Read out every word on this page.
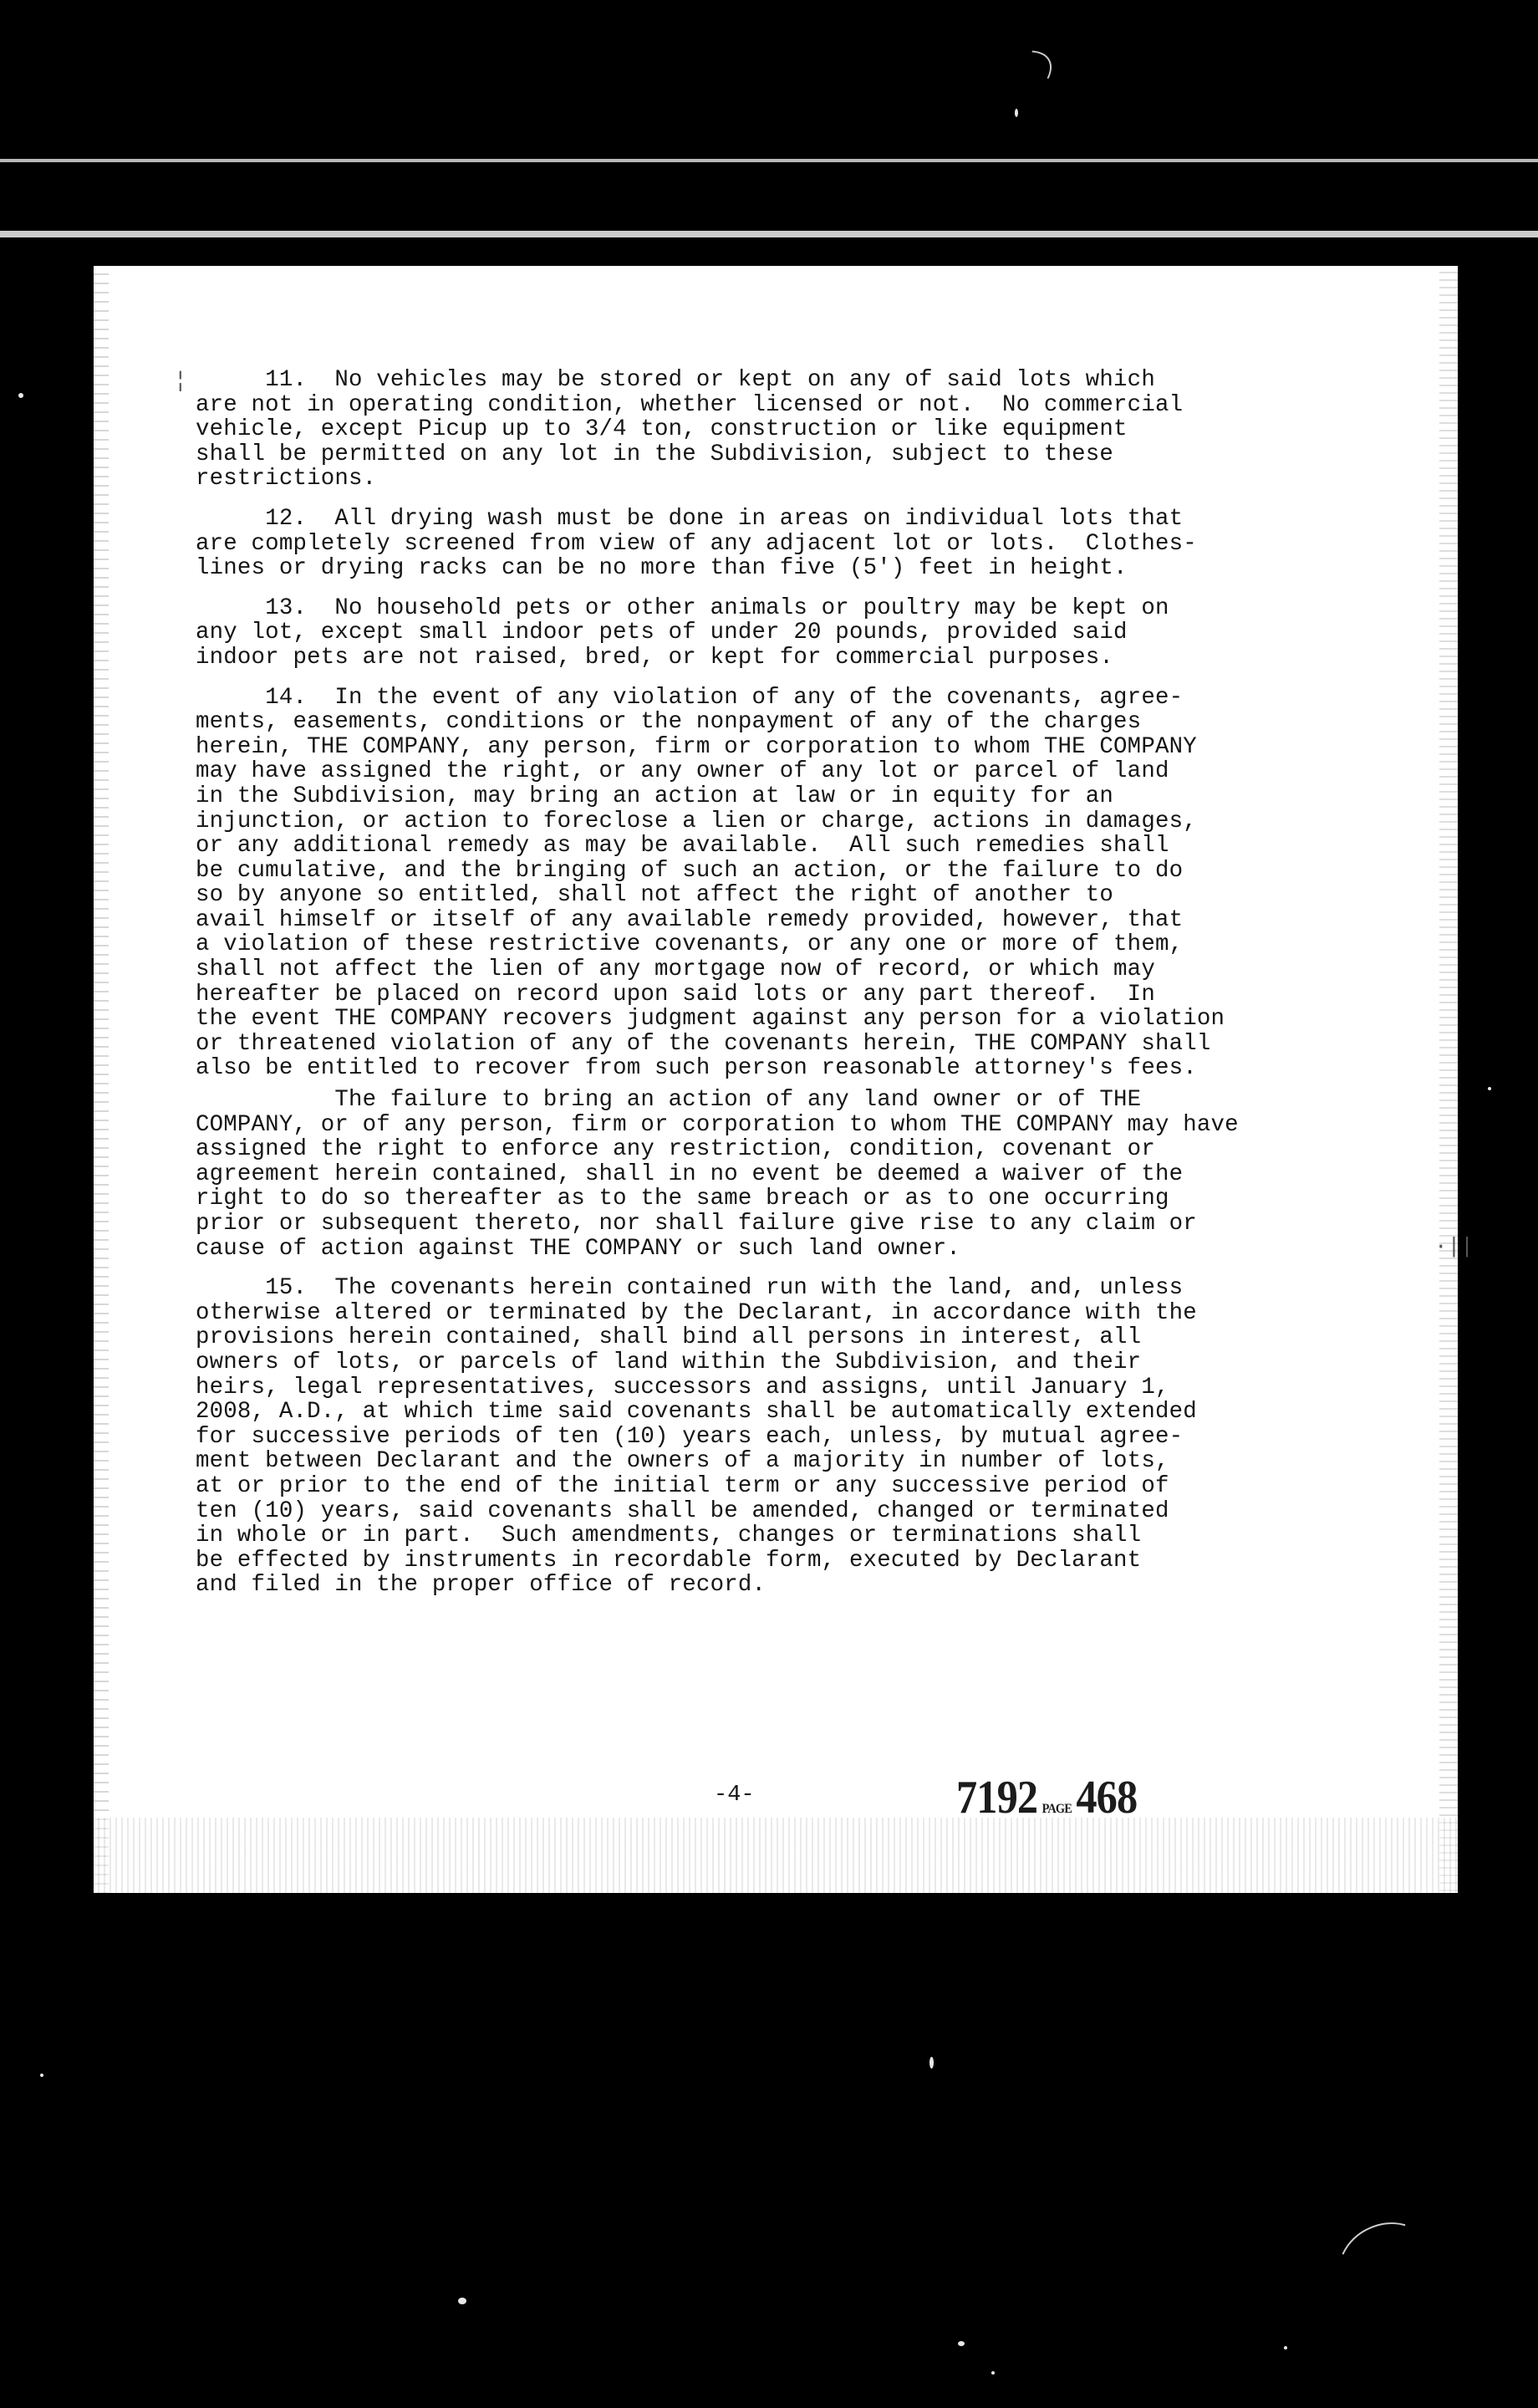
¦
·||

11.  No vehicles may be stored or kept on any of said lots which
are not in operating condition, whether licensed or not.  No commercial
vehicle, except Picup up to 3/4 ton, construction or like equipment
shall be permitted on any lot in the Subdivision, subject to these
restrictions.

12.  All drying wash must be done in areas on individual lots that
are completely screened from view of any adjacent lot or lots.  Clothes-
lines or drying racks can be no more than five (5') feet in height.

13.  No household pets or other animals or poultry may be kept on
any lot, except small indoor pets of under 20 pounds, provided said
indoor pets are not raised, bred, or kept for commercial purposes.

14.  In the event of any violation of any of the covenants, agree-
ments, easements, conditions or the nonpayment of any of the charges
herein, THE COMPANY, any person, firm or corporation to whom THE COMPANY
may have assigned the right, or any owner of any lot or parcel of land
in the Subdivision, may bring an action at law or in equity for an
injunction, or action to foreclose a lien or charge, actions in damages,
or any additional remedy as may be available.  All such remedies shall
be cumulative, and the bringing of such an action, or the failure to do
so by anyone so entitled, shall not affect the right of another to
avail himself or itself of any available remedy provided, however, that
a violation of these restrictive covenants, or any one or more of them,
shall not affect the lien of any mortgage now of record, or which may
hereafter be placed on record upon said lots or any part thereof.  In
the event THE COMPANY recovers judgment against any person for a violation
or threatened violation of any of the covenants herein, THE COMPANY shall
also be entitled to recover from such person reasonable attorney's fees.

The failure to bring an action of any land owner or of THE
COMPANY, or of any person, firm or corporation to whom THE COMPANY may have
assigned the right to enforce any restriction, condition, covenant or
agreement herein contained, shall in no event be deemed a waiver of the
right to do so thereafter as to the same breach or as to one occurring
prior or subsequent thereto, nor shall failure give rise to any claim or
cause of action against THE COMPANY or such land owner.

15.  The covenants herein contained run with the land, and, unless
otherwise altered or terminated by the Declarant, in accordance with the
provisions herein contained, shall bind all persons in interest, all
owners of lots, or parcels of land within the Subdivision, and their
heirs, legal representatives, successors and assigns, until January 1,
2008, A.D., at which time said covenants shall be automatically extended
for successive periods of ten (10) years each, unless, by mutual agree-
ment between Declarant and the owners of a majority in number of lots,
at or prior to the end of the initial term or any successive period of
ten (10) years, said covenants shall be amended, changed or terminated
in whole or in part.  Such amendments, changes or terminations shall
be effected by instruments in recordable form, executed by Declarant
and filed in the proper office of record.

-4-	7192 PAGE468
